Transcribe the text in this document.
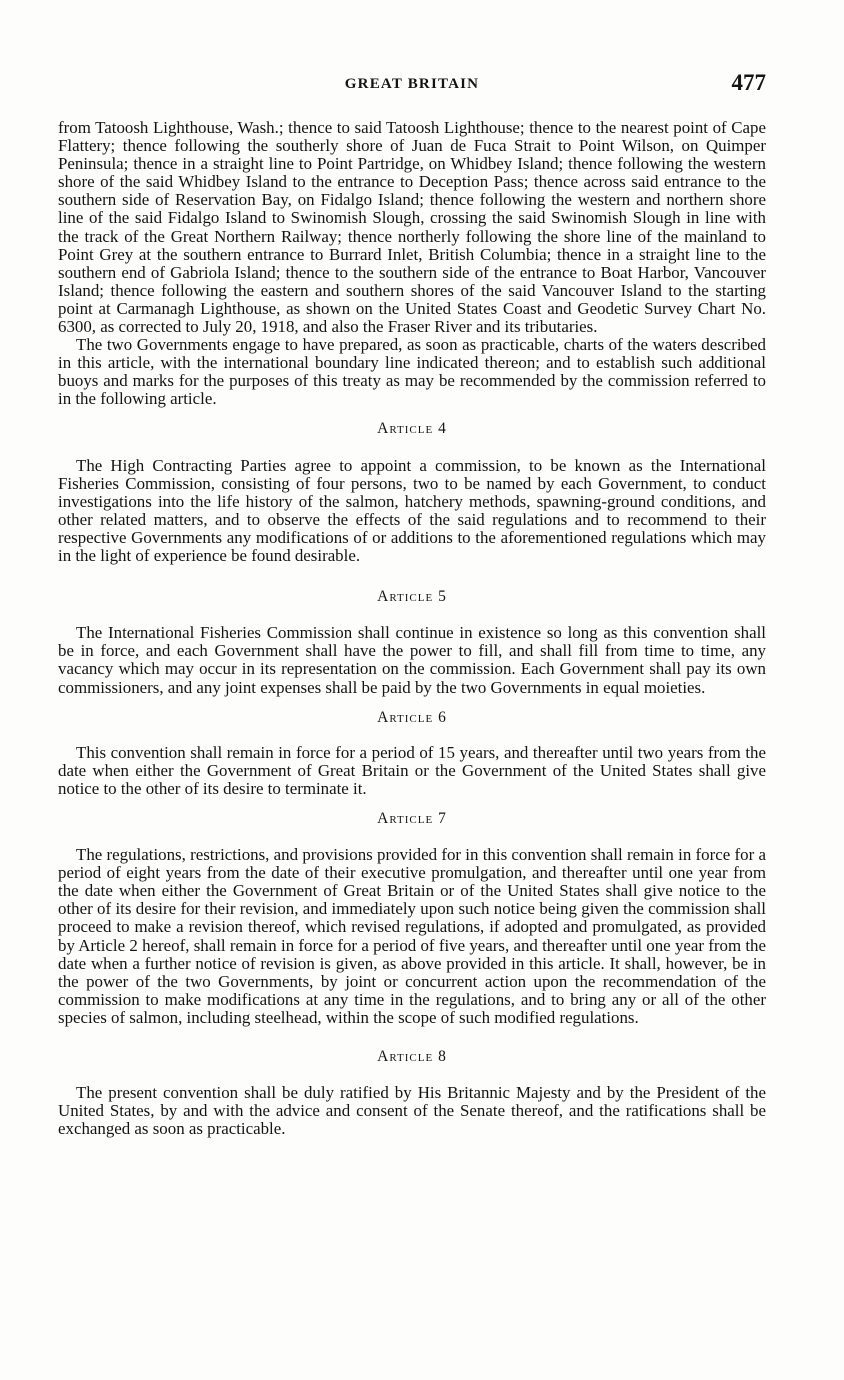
GREAT BRITAIN	477

from Tatoosh Lighthouse, Wash.; thence to said Tatoosh Lighthouse; thence to the nearest point of Cape Flattery; thence following the southerly shore of Juan de Fuca Strait to Point Wilson, on Quimper Peninsula; thence in a straight line to Point Partridge, on Whidbey Island; thence following the western shore of the said Whidbey Island to the entrance to Deception Pass; thence across said entrance to the southern side of Reservation Bay, on Fidalgo Island; thence following the western and northern shore line of the said Fidalgo Island to Swinomish Slough, crossing the said Swinomish Slough in line with the track of the Great Northern Railway; thence northerly following the shore line of the mainland to Point Grey at the southern entrance to Burrard Inlet, British Columbia; thence in a straight line to the southern end of Gabriola Island; thence to the southern side of the entrance to Boat Harbor, Vancouver Island; thence following the eastern and southern shores of the said Vancouver Island to the starting point at Carmanagh Lighthouse, as shown on the United States Coast and Geodetic Survey Chart No. 6300, as corrected to July 20, 1918, and also the Fraser River and its tributaries.

The two Governments engage to have prepared, as soon as practicable, charts of the waters described in this article, with the international boundary line indicated thereon; and to establish such additional buoys and marks for the purposes of this treaty as may be recommended by the commission referred to in the following article.

Article 4

The High Contracting Parties agree to appoint a commission, to be known as the International Fisheries Commission, consisting of four persons, two to be named by each Government, to conduct investigations into the life history of the salmon, hatchery methods, spawning-ground conditions, and other related matters, and to observe the effects of the said regulations and to recommend to their respective Governments any modifications of or additions to the aforementioned regulations which may in the light of experience be found desirable.

Article 5

The International Fisheries Commission shall continue in existence so long as this convention shall be in force, and each Government shall have the power to fill, and shall fill from time to time, any vacancy which may occur in its representation on the commission. Each Government shall pay its own commissioners, and any joint expenses shall be paid by the two Governments in equal moieties.

Article 6

This convention shall remain in force for a period of 15 years, and thereafter until two years from the date when either the Government of Great Britain or the Government of the United States shall give notice to the other of its desire to terminate it.

Article 7

The regulations, restrictions, and provisions provided for in this convention shall remain in force for a period of eight years from the date of their executive promulgation, and thereafter until one year from the date when either the Government of Great Britain or of the United States shall give notice to the other of its desire for their revision, and immediately upon such notice being given the commission shall proceed to make a revision thereof, which revised regulations, if adopted and promulgated, as provided by Article 2 hereof, shall remain in force for a period of five years, and thereafter until one year from the date when a further notice of revision is given, as above provided in this article. It shall, however, be in the power of the two Governments, by joint or concurrent action upon the recommendation of the commission to make modifications at any time in the regulations, and to bring any or all of the other species of salmon, including steelhead, within the scope of such modified regulations.

Article 8

The present convention shall be duly ratified by His Britannic Majesty and by the President of the United States, by and with the advice and consent of the Senate thereof, and the ratifications shall be exchanged as soon as practicable.
